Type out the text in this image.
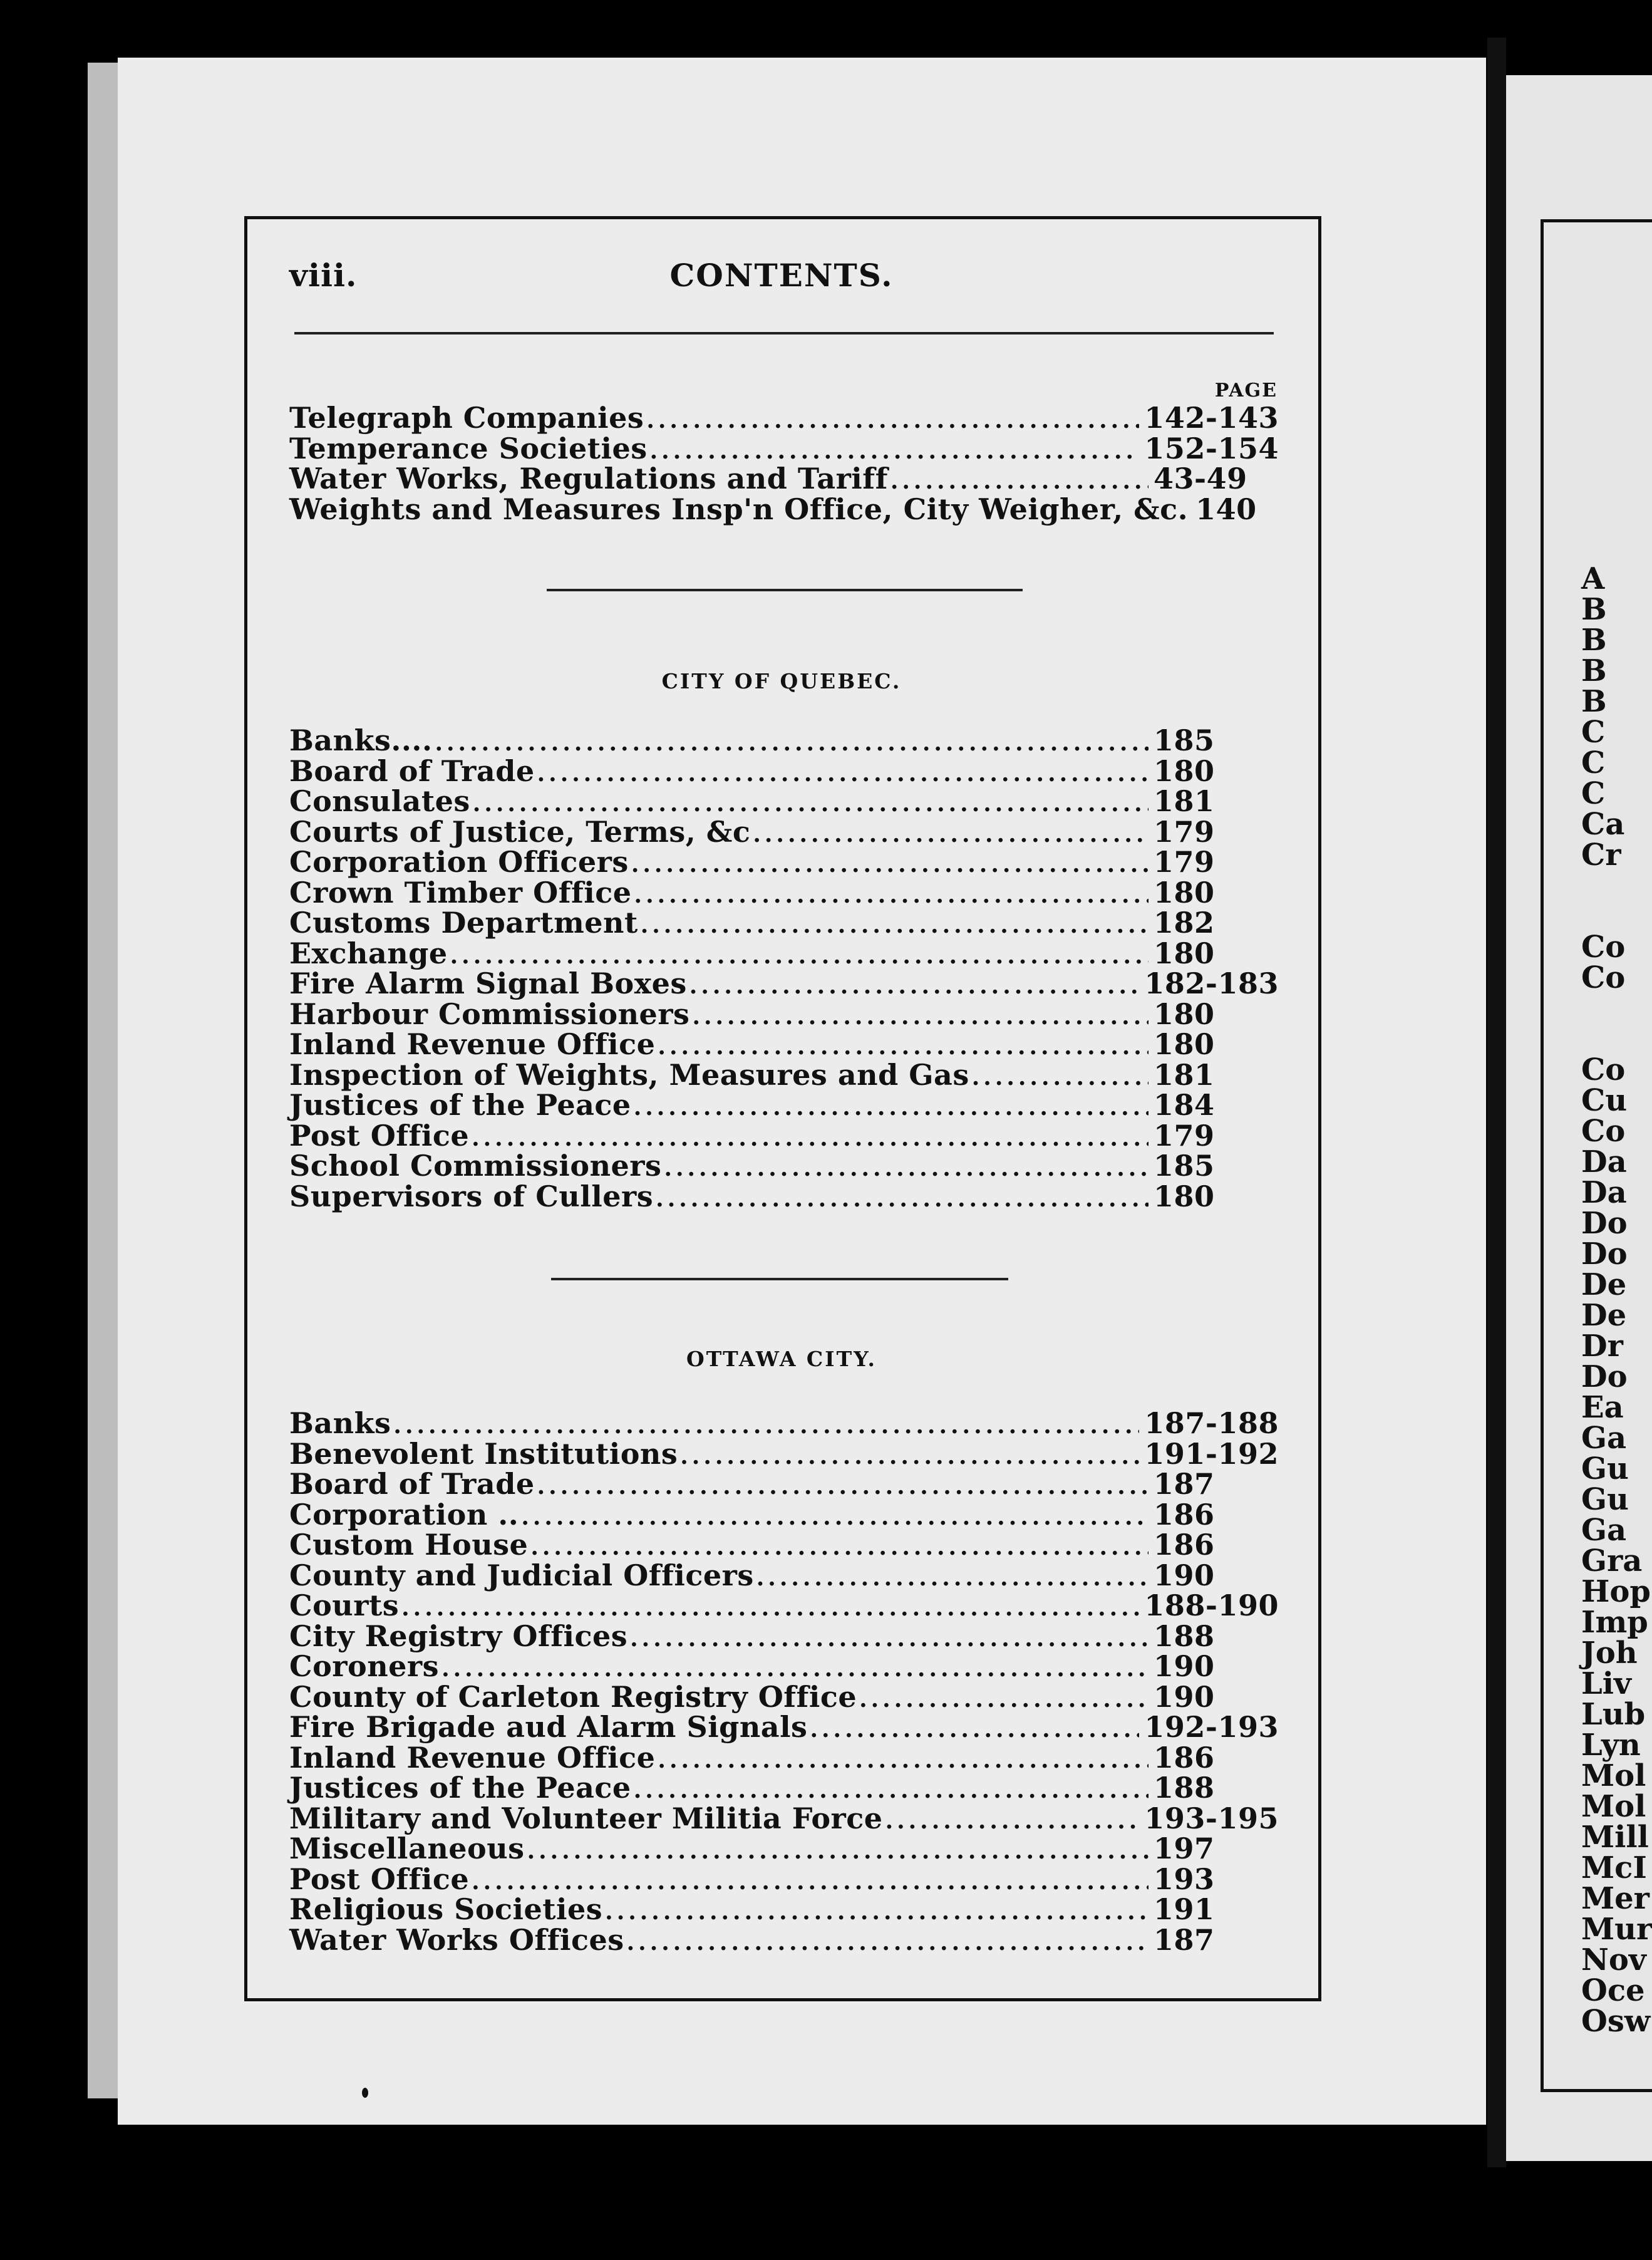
A
B
B
B
B
C
C
C
Ca
Cr

Co
Co

Co
Cu
Co
Da
Da
Do
Do
De
De
Dr
Do
Ea
Ga
Gu
Gu
Ga
Gra
Hop
Imp
Joh
Liv
Lub
Lyn
Mol
Mol
Mill
McI
Mer
Mur
Nov
Oce
Osw
viii.	CONTENTS.
PAGE
Telegraph Companies .....	142-143
Temperance Societies .....	152-154
Water Works, Regulations and Tariff .....	43-49
Weights and Measures Insp'n Office, City Weigher, &c. 140
CITY OF QUEBEC.
Banks.... .....	185
Board of Trade .....	180
Consulates .....	181
Courts of Justice, Terms, &c .....	179
Corporation Officers .....	179
Crown Timber Office .....	180
Customs Department .....	182
Exchange .....	180
Fire Alarm Signal Boxes .....	182-183
Harbour Commissioners .....	180
Inland Revenue Office .....	180
Inspection of Weights, Measures and Gas .....	181
Justices of the Peace .....	184
Post Office .....	179
School Commissioners .....	185
Supervisors of Cullers .....	180
OTTAWA CITY.
Banks .....	187-188
Benevolent Institutions .....	191-192
Board of Trade .....	187
Corporation .. .....	186
Custom House .....	186
County and Judicial Officers .....	190
Courts .....	188-190
City Registry Offices .....	188
Coroners .....	190
County of Carleton Registry Office .....	190
Fire Brigade aud Alarm Signals .....	192-193
Inland Revenue Office .....	186
Justices of the Peace .....	188
Military and Volunteer Militia Force .....	193-195
Miscellaneous .....	197
Post Office .....	193
Religious Societies .....	191
Water Works Offices .....	187
